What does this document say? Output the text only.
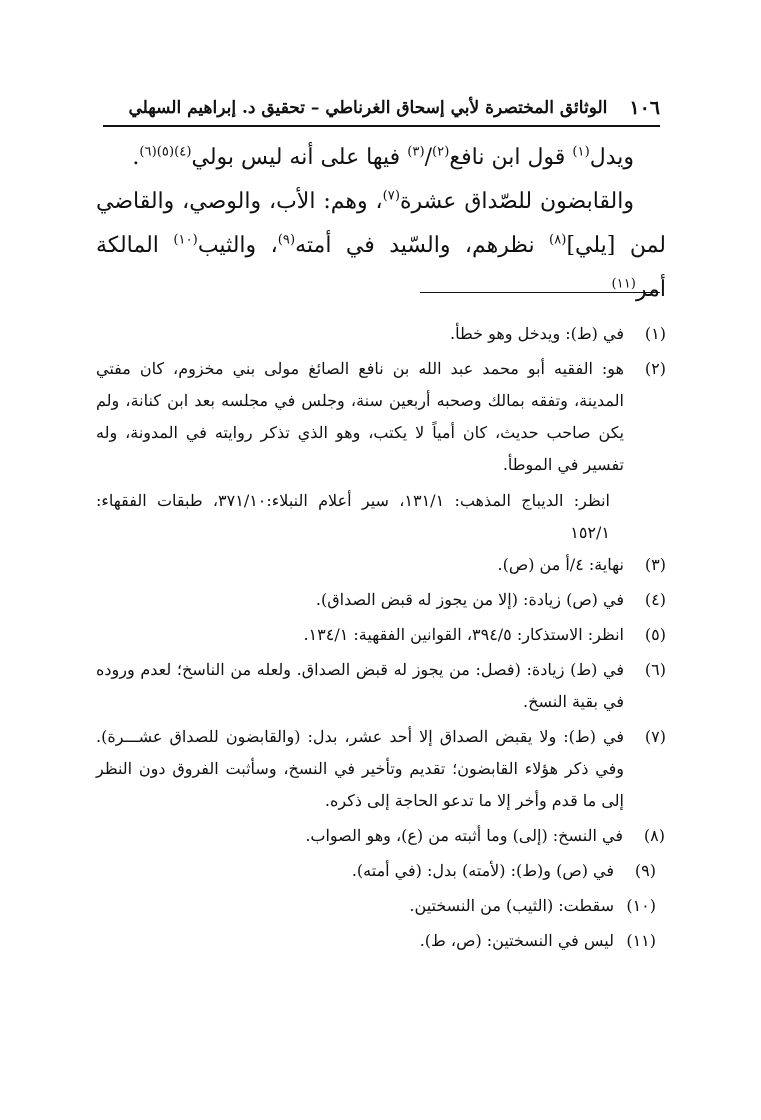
١٠٦
الوثائق المختصرة لأبي إسحاق الغرناطي – تحقيق د. إبراهيم السهلي

ويدل$^{(١)}$ قول ابن نافع$^{(٢)}$/$^{(٣)}$ فيها على أنه ليس بولي$^{(٤)(٥)(٦)}$.

والقابضون للصّداق عشرة$^{(٧)}$، وهم: الأب، والوصي، والقاضي لمن [يلي]$^{(٨)}$ نظرهم، والسّيد في أمته$^{(٩)}$، والثيب$^{(١٠)}$ المالكة أمر$^{(١١)}$

(١)
في (ط): ويدخل وهو خطأ.
(٢)
هو: الفقيه أبو محمد عبد الله بن نافع الصائغ مولى بني مخزوم، كان مفتي المدينة، وتفقه بمالك وصحبه أربعين سنة، وجلس في مجلسه بعد ابن كنانة، ولم يكن صاحب حديث، كان أمياً لا يكتب، وهو الذي تذكر روايته في المدونة، وله تفسير في الموطأ.

انظر: الديباج المذهب: ١٣١/١، سير أعلام النبلاء:٣٧١/١٠، طبقات الفقهاء: ١٥٢/١

(٣)
نهاية: ٤/أ من (ص).
(٤)
في (ص) زيادة: (إلا من يجوز له قبض الصداق).
(٥)
انظر: الاستذكار: ٣٩٤/٥، القوانين الفقهية: ١٣٤/١.
(٦)
في (ط) زيادة: (فصل: من يجوز له قبض الصداق. ولعله من الناسخ؛ لعدم وروده في بقية النسخ.
(٧)
في (ط): ولا يقبض الصداق إلا أحد عشر، بدل: (والقابضون للصداق عشـــرة). وفي ذكر هؤلاء القابضون؛ تقديم وتأخير في النسخ، وسأثبت الفروق دون النظر إلى ما قدم وأخر إلا ما تدعو الحاجة إلى ذكره.
(٨)
في النسخ: (إلى) وما أثبته من (ع)، وهو الصواب.
(٩)
في (ص) و(ط): (لأمته) بدل: (في أمته).
(١٠)
سقطت: (الثيب) من النسختين.
(١١)
ليس في النسختين: (ص، ط).
